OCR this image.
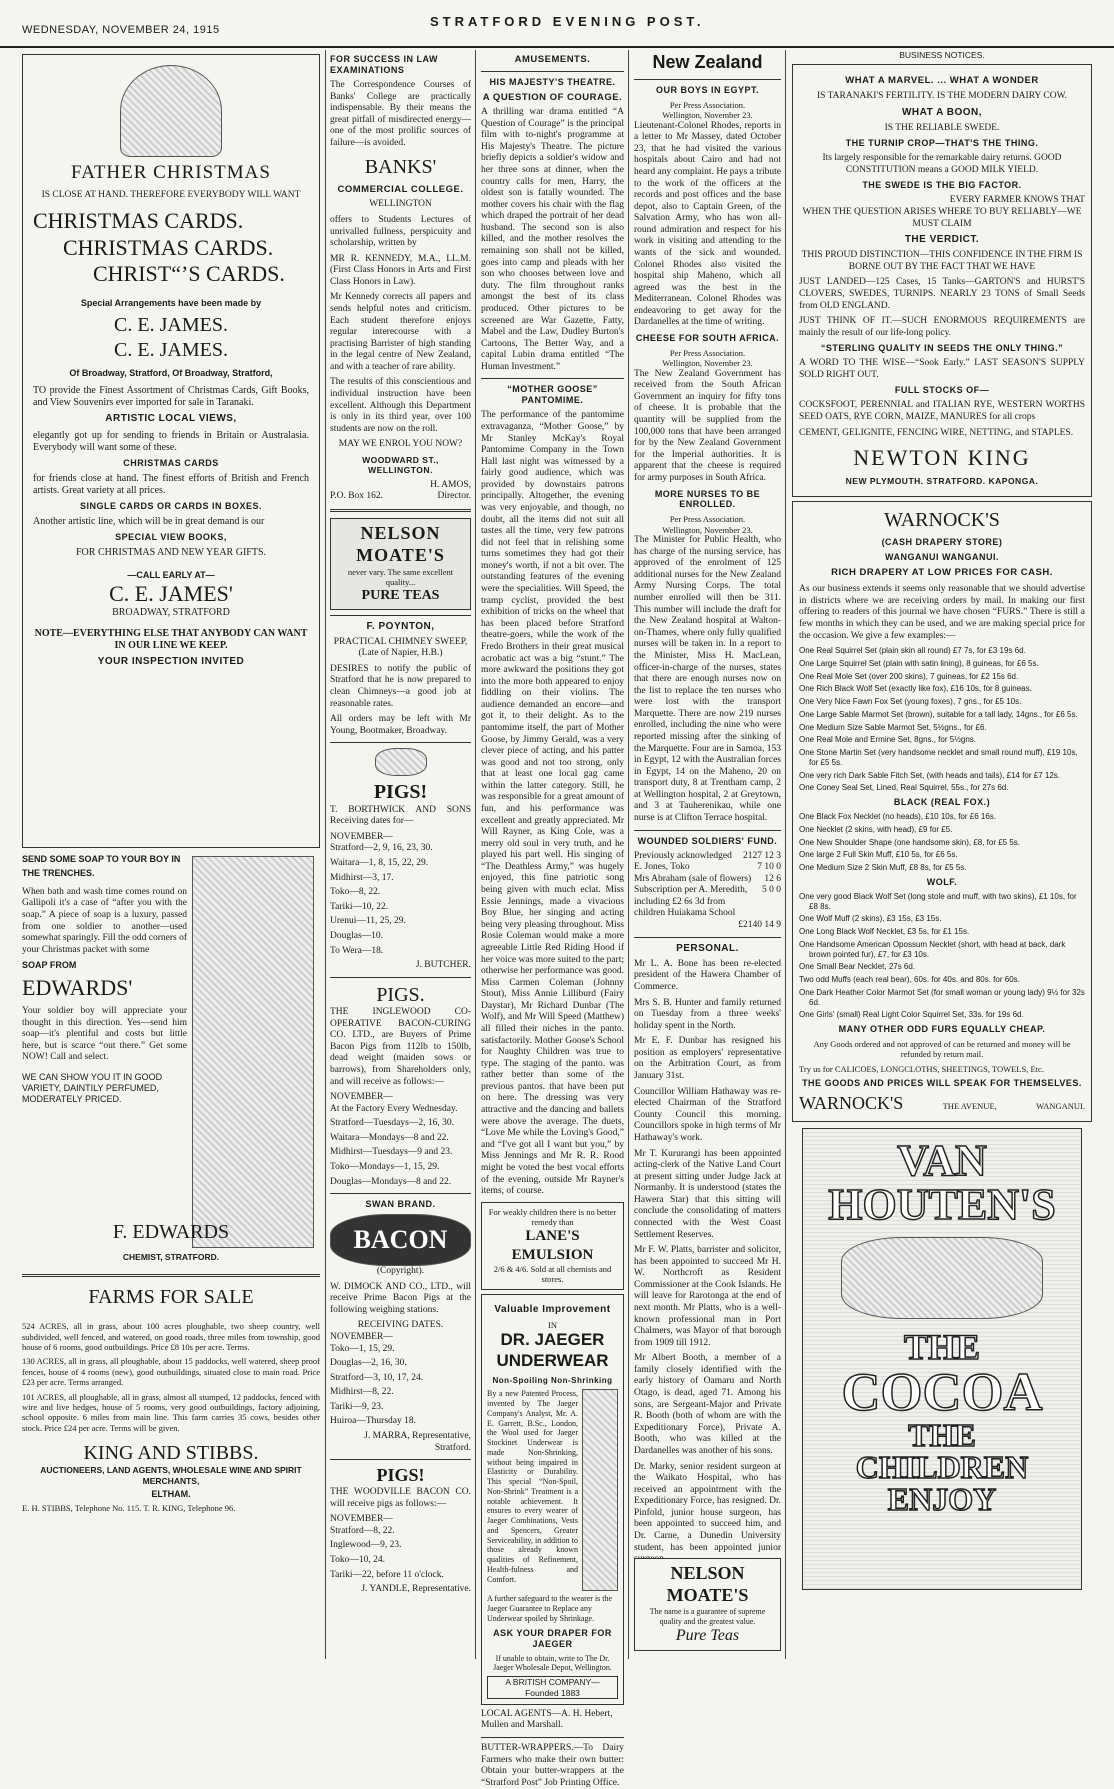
WEDNESDAY, NOVEMBER 24, 1915
STRATFORD EVENING POST.
FATHER CHRISTMAS
IS CLOSE AT HAND. THEREFORE EVERYBODY WILL WANT
CHRISTMAS CARDS.
CHRISTMAS CARDS.
CHRIST“’S CARDS.
Special Arrangements have been made by
C. E. JAMES.
C. E. JAMES.
Of Broadway, Stratford, Of Broadway, Stratford,

TO provide the Finest Assortment of Christmas Cards, Gift Books, and View Souvenirs ever imported for sale in Taranaki.

ARTISTIC LOCAL VIEWS,

elegantly got up for sending to friends in Britain or Australasia. Everybody will want some of these.

CHRISTMAS CARDS

for friends close at hand. The finest efforts of British and French artists. Great variety at all prices.

SINGLE CARDS OR CARDS IN BOXES.

Another artistic line, which will be in great demand is our

SPECIAL VIEW BOOKS,
FOR CHRISTMAS AND NEW YEAR GIFTS.
—CALL EARLY AT—
C. E. JAMES'
BROADWAY, STRATFORD
NOTE—EVERYTHING ELSE THAT ANYBODY CAN WANT IN OUR LINE WE KEEP.
YOUR INSPECTION INVITED
SEND SOME SOAP TO YOUR BOY IN THE TRENCHES.

When bath and wash time comes round on Gallipoli it's a case of “after you with the soap.” A piece of soap is a luxury, passed from one soldier to another—used somewhat sparingly. Fill the odd corners of your Christmas packet with some

SOAP FROM
EDWARDS'

Your soldier boy will appreciate your thought in this direction. Yes—send him soap—it's plentiful and costs but little here, but is scarce “out there.” Get some NOW! Call and select.

WE CAN SHOW YOU IT IN GOOD VARIETY, DAINTILY PERFUMED, MODERATELY PRICED.
F. EDWARDS
CHEMIST, STRATFORD.
FARMS FOR SALE

524 ACRES, all in grass, about 100 acres ploughable, two sheep country, well subdivided, well fenced, and watered, on good roads, three miles from township, good house of 6 rooms, good outbuildings. Price £8 10s per acre. Terms.

130 ACRES, all in grass, all ploughable, about 15 paddocks, well watered, sheep proof fences, house of 4 rooms (new), good outbuildings, situated close to main road. Price £23 per acre. Terms arranged.

101 ACRES, all ploughable, all in grass, almost all stumped, 12 paddocks, fenced with wire and live hedges, house of 5 rooms, very good outbuildings, factory adjoining, school opposite. 6 miles from main line. This farm carries 35 cows, besides other stock. Price £24 per acre. Terms will be given.

KING AND STIBBS.
AUCTIONEERS, LAND AGENTS, WHOLESALE WINE AND SPIRIT MERCHANTS,
ELTHAM.
E. H. STIBBS, Telephone No. 115. T. R. KING, Telephone 96.
FOR SUCCESS IN LAW EXAMINATIONS

The Correspondence Courses of Banks' College are practically indispensable. By their means the great pitfall of misdirected energy—one of the most prolific sources of failure—is avoided.

BANKS'
COMMERCIAL COLLEGE.
WELLINGTON

offers to Students Lectures of unrivalled fullness, perspicuity and scholarship, written by

MR R. KENNEDY, M.A., LL.M. (First Class Honors in Arts and First Class Honors in Law).

Mr Kennedy corrects all papers and sends helpful notes and criticism. Each student therefore enjoys regular interecourse with a practising Barrister of high standing in the legal centre of New Zealand, and with a teacher of rare ability.

The results of this conscientious and individual instruction have been excellent. Although this Department is only in its third year, over 100 students are now on the roll.

MAY WE ENROL YOU NOW?
WOODWARD ST., WELLINGTON.
H. AMOS,
P.O. Box 162.	Director.
NELSON MOATE'S
never vary. The same excellent quality...
PURE TEAS
F. POYNTON,
PRACTICAL CHIMNEY SWEEP, (Late of Napier, H.B.)

DESIRES to notify the public of Stratford that he is now prepared to clean Chimneys—a good job at reasonable rates.

All orders may be left with Mr Young, Bootmaker, Broadway.

PIGS!

T. BORTHWICK AND SONS Receiving dates for—

NOVEMBER—
Stratford—2, 9, 16, 23, 30.
Waitara—1, 8, 15, 22, 29.
Midhirst—3, 17.
Toko—8, 22.
Tariki—10, 22.
Urenui—11, 25, 29.
Douglas—10.
To Wera—18.
J. BUTCHER.
PIGS.

THE INGLEWOOD CO-OPERATIVE BACON-CURING CO. LTD., are Buyers of Prime Bacon Pigs from 112lb to 150lb, dead weight (maiden sows or barrows), from Shareholders only, and will receive as follows:—

NOVEMBER—
At the Factory Every Wednesday.
Stratford—Tuesdays—2, 16, 30.
Waitara—Mondays—8 and 22.
Midhirst—Tuesdays—9 and 23.
Toko—Mondays—1, 15, 29.
Douglas—Mondays—8 and 22.
SWAN BRAND.
BACON
(Copyright).

W. DIMOCK AND CO., LTD., will receive Prime Bacon Pigs at the following weighing stations.

RECEIVING DATES.
NOVEMBER—
Toko—1, 15, 29.
Douglas—2, 16, 30.
Stratford—3, 10, 17, 24.
Midhirst—8, 22.
Tariki—9, 23.
Huiroa—Thursday 18.

J. MARRA, Representative, Stratford.

PIGS!

THE WOODVILLE BACON CO. will receive pigs as follows:—

NOVEMBER—
Stratford—8, 22.
Inglewood—9, 23.
Toko—10, 24.
Tariki—22, before 11 o'clock.
J. YANDLE, Representative.
AMUSEMENTS.
HIS MAJESTY'S THEATRE.
A QUESTION OF COURAGE.

A thrilling war drama entitled “A Question of Courage” is the principal film with to-night's programme at His Majesty's Theatre. The picture briefly depicts a soldier's widow and her three sons at dinner, when the country calls for men, Harry, the oldest son is fatally wounded. The mother covers his chair with the flag which draped the portrait of her dead husband. The second son is also killed, and the mother resolves the remaining son shall not be killed, goes into camp and pleads with her son who chooses between love and duty. The film throughout ranks amongst the best of its class produced. Other pictures to be screened are War Gazette, Fatty, Mabel and the Law, Dudley Burton's Cartoons, The Better Way, and a capital Lubin drama entitled “The Human Investment.”

“MOTHER GOOSE” PANTOMIME.

The performance of the pantomime extravaganza, “Mother Goose,” by Mr Stanley McKay's Royal Pantomime Company in the Town Hall last night was witnessed by a fairly good audience, which was provided by downstairs patrons principally. Altogether, the evening was very enjoyable, and though, no doubt, all the items did not suit all tastes all the time, very few patrons did not feel that in relishing some turns sometimes they had got their money's worth, if not a bit over. The outstanding features of the evening were the specialities. Will Speed, the tramp cyclist, provided the best exhibition of tricks on the wheel that has been placed before Stratford theatre-goers, while the work of the Fredo Brothers in their great musical acrobatic act was a big “stunt.” The more awkward the positions they got into the more both appeared to enjoy fiddling on their violins. The audience demanded an encore—and got it, to their delight. As to the pantomime itself, the part of Mother Goose, by Jimmy Gerald, was a very clever piece of acting, and his patter was good and not too strong, only that at least one local gag came within the latter category. Still, he was responsible for a great amount of fun, and his performance was excellent and greatly appreciated. Mr Will Rayner, as King Cole, was a merry old soul in very truth, and he played his part well. His singing of “The Deathless Army,” was hugely enjoyed, this fine patriotic song being given with much eclat. Miss Essie Jennings, made a vivacious Boy Blue, her singing and acting being very pleasing throughout. Miss Rosie Coleman would make a more agreeable Little Red Riding Hood if her voice was more suited to the part; otherwise her performance was good. Miss Carmen Coleman (Johnny Stout), Miss Annie Lilliburd (Fairy Daystar), Mr Richard Dunbar (The Wolf), and Mr Will Speed (Matthew) all filled their niches in the panto. satisfactorily. Mother Goose's School for Naughty Children was true to type. The staging of the panto. was rather better than some of the previous pantos. that have been put on here. The dressing was very attractive and the dancing and ballets were above the average. The duets, “Love Me while the Loving's Good,” and “I've got all I want but you,” by Miss Jennings and Mr R. R. Rood might be voted the best vocal efforts of the evening, outside Mr Rayner's items, of course.

For weakly children there is no better remedy than
LANE'S EMULSION
2/6 & 4/6. Sold at all chemists and stores.
Valuable Improvement
IN
DR. JAEGER
UNDERWEAR
Non-Spoiling Non-Shrinking
By a new Patented Process, invented by The Jaeger Company's Analyst, Mr. A. E. Garrett, B.Sc., London, the Wool used for Jaeger Stockinet Underwear is made Non-Shrinking, without being impaired in Elasticity or Durability. This special “Non-Spoil, Non-Shrink” Treatment is a notable achievement. It ensures to every wearer of Jaeger Combinations, Vests and Spencers, Greater Serviceability, in addition to those already known qualities of Refinement, Health-fulness and Comfort.
A further safeguard to the wearer is the Jaeger Guarantee to Replace any Underwear spoiled by Shrinkage.
ASK YOUR DRAPER FOR JAEGER
If unable to obtain, write to The Dr. Jaeger Wholesale Depot, Wellington.
A BRITISH COMPANY— Founded 1883
LOCAL AGENTS—A. H. Hebert, Mullen and Marshall.

BUTTER-WRAPPERS.—To Dairy Farmers who make their own butter: Obtain your butter-wrappers at the “Stratford Post” Job Printing Office.

New Zealand
OUR BOYS IN EGYPT.
Per Press Association.
Wellington, November 23.

Lieutenant-Colonel Rhodes, reports in a letter to Mr Massey, dated October 23, that he had visited the various hospitals about Cairo and had not heard any complaint. He pays a tribute to the work of the officers at the records and post offices and the base depot, also to Captain Green, of the Salvation Army, who has won all-round admiration and respect for his work in visiting and attending to the wants of the sick and wounded. Colonel Rhodes also visited the hospital ship Maheno, which all agreed was the best in the Mediterranean. Colonel Rhodes was endeavoring to get away for the Dardanelles at the time of writing.

CHEESE FOR SOUTH AFRICA.
Per Press Association.
Wellington, November 23.

The New Zealand Government has received from the South African Government an inquiry for fifty tons of cheese. It is probable that the quantity will be supplied from the 100,000 tons that have been arranged for by the New Zealand Government for the Imperial authorities. It is apparent that the cheese is required for army purposes in South Africa.

MORE NURSES TO BE ENROLLED.
Per Press Association.
Wellington, November 23.

The Minister for Public Health, who has charge of the nursing service, has approved of the enrolment of 125 additional nurses for the New Zealand Army Nursing Corps. The total number enrolled will then be 311. This number will include the draft for the New Zealand hospital at Walton-on-Thames, where only fully qualified nurses will be taken in. In a report to the Minister, Miss H. MacLean, officer-in-charge of the nurses, states that there are enough nurses now on the list to replace the ten nurses who were lost with the transport Marquette. There are now 219 nurses enrolled, including the nine who were reported missing after the sinking of the Marquette. Four are in Samoa, 153 in Egypt, 12 with the Australian forces in Egypt, 14 on the Maheno, 20 on transport duty, 8 at Trentham camp, 2 at Wellington hospital, 2 at Greytown, and 3 at Tauherenikau, while one nurse is at Clifton Terrace hospital.

WOUNDED SOLDIERS' FUND.
Previously acknowledged	2127 12 3
E. Jones, Toko	7 10 0
Mrs Abraham (sale of flowers)	12 6
Subscription per A. Meredith, including £2 6s 3d from children Huiakama School
5 0 0
£2140 14 9
PERSONAL.

Mr L. A. Bone has been re-elected president of the Hawera Chamber of Commerce.

Mrs S. B. Hunter and family returned on Tuesday from a three weeks' holiday spent in the North.

Mr E. F. Dunbar has resigned his position as employers' representative on the Arbitration Court, as from January 31st.

Councillor William Hathaway was re-elected Chairman of the Stratford County Council this morning. Councillors spoke in high terms of Mr Hathaway's work.

Mr T. Kururangi has been appointed acting-clerk of the Native Land Court at present sitting under Judge Jack at Normanby. It is understood (states the Hawera Star) that this sitting will conclude the consolidating of matters connected with the West Coast Settlement Reserves.

Mr F. W. Platts, barrister and solicitor, has been appointed to succeed Mr H. W. Northcroft as Resident Commissioner at the Cook Islands. He will leave for Rarotonga at the end of next month. Mr Platts, who is a well-known professional man in Port Chalmers, was Mayor of that borough from 1909 till 1912.

Mr Albert Booth, a member of a family closely identified with the early history of Oamaru and North Otago, is dead, aged 71. Among his sons, are Sergeant-Major and Private R. Booth (both of whom are with the Expeditionary Force), Private A. Booth, who was killed at the Dardanelles was another of his sons.

Dr. Marky, senior resident surgeon at the Waikato Hospital, who has received an appointment with the Expeditionary Force, has resigned. Dr. Pinfold, junior house surgeon, has been appointed to succeed him, and Dr. Carne, a Dunedin University student, has been appointed junior

NELSON MOATE'S
The name is a guarantee of supreme quality and the greatest value.
Pure Teas
BUSINESS NOTICES.
WHAT A MARVEL. ... WHAT A WONDER
IS TARANAKI'S FERTILITY. IS THE MODERN DAIRY COW.
WHAT A BOON,
IS THE RELIABLE SWEDE.
THE TURNIP CROP—THAT'S THE THING.
Its largely responsible for the remarkable dairy returns. GOOD CONSTITUTION means a GOOD MILK YIELD.
THE SWEDE IS THE BIG FACTOR.
EVERY FARMER KNOWS THAT
WHEN THE QUESTION ARISES WHERE TO BUY RELIABLY—WE MUST CLAIM
THE VERDICT.
THIS PROUD DISTINCTION—THIS CONFIDENCE IN THE FIRM IS BORNE OUT BY THE FACT THAT WE HAVE

JUST LANDED—125 Cases, 15 Tanks—GARTON'S and HURST'S CLOVERS, SWEDES, TURNIPS. NEARLY 23 TONS of Small Seeds from OLD ENGLAND.

JUST THINK OF IT.—SUCH ENORMOUS REQUIREMENTS are mainly the result of our life-long policy.

“STERLING QUALITY IN SEEDS THE ONLY THING.”

A WORD TO THE WISE—“Sook Early.” LAST SEASON'S SUPPLY SOLD RIGHT OUT.

FULL STOCKS OF—

COCKSFOOT, PERENNIAL and ITALIAN RYE, WESTERN WORTHS SEED OATS, RYE CORN, MAIZE, MANURES for all crops

CEMENT, GELIGNITE, FENCING WIRE, NETTING, and STAPLES.

NEWTON KING
NEW PLYMOUTH. STRATFORD. KAPONGA.
WARNOCK'S
(CASH DRAPERY STORE)
WANGANUI WANGANUI.
RICH DRAPERY AT LOW PRICES FOR CASH.

As our business extends it seems only reasonable that we should advertise in districts where we are receiving orders by mail. In making our first offering to readers of this journal we have chosen “FURS.” There is still a few months in which they can be used, and we are making special price for the occasion. We give a few examples:—

One Real Squirrel Set (plain skin all round) £7 7s, for £3 19s 6d.
One Large Squirrel Set (plain with satin lining), 8 guineas, for £6 5s.
One Real Mole Set (over 200 skins), 7 guineas, for £2 15s 6d.
One Rich Black Wolf Set (exactly like fox), £16 10s, for 8 guineas.
One Very Nice Fawn Fox Set (young foxes), 7 gns., for £5 10s.
One Large Sable Marmot Set (brown), suitable for a tall lady, 14gns., for £6 5s.
One Medium Size Sable Marmot Set, 5½gns., for £6.
One Real Mole and Ermine Set, 8gns., for 5½gns.
One Stone Martin Set (very handsome necklet and small round muff), £19 10s, for £5 5s.
One very rich Dark Sable Fitch Set, (with heads and tails), £14 for £7 12s.
One Coney Seal Set, Lined, Real Squirrel, 55s., for 27s 6d.
BLACK (REAL FOX.)
One Black Fox Necklet (no heads), £10 10s, for £6 16s.
One Necklet (2 skins, with head), £9 for £5.
One New Shoulder Shape (one handsome skin), £8, for £5 5s.
One large 2 Full Skin Muff, £10 5s, for £6 5s.
One Medium Size 2 Skin Muff, £8 8s, for £5 5s.
WOLF.
One very good Black Wolf Set (long stole and muff, with two skins), £1 10s, for £8 8s.
One Wolf Muff (2 skins), £3 15s, £3 15s.
One Long Black Wolf Necklet, £3 5s, for £1 15s.
One Handsome American Opossum Necklet (short, with head at back, dark brown pointed fur), £7, for £3 10s.
One Small Bear Necklet, 27s 6d.
Two odd Muffs (each real bear), 60s. for 40s. and 80s. for 60s.
One Dark Heather Color Marmot Set (for small woman or young lady) 9½ for 32s 6d.
One Girls' (small) Real Light Color Squirrel Set, 33s. for 19s 6d.
MANY OTHER ODD FURS EQUALLY CHEAP.
Any Goods ordered and not approved of can be returned and money will be refunded by return mail.
Try us for CALICOES, LONGCLOTHS, SHEETINGS, TOWELS, Etc.
THE GOODS AND PRICES WILL SPEAK FOR THEMSELVES.
WARNOCK'S	THE AVENUE,	WANGANUI.
VAN HOUTEN'S
THE
COCOA
THE
CHILDREN ENJOY
